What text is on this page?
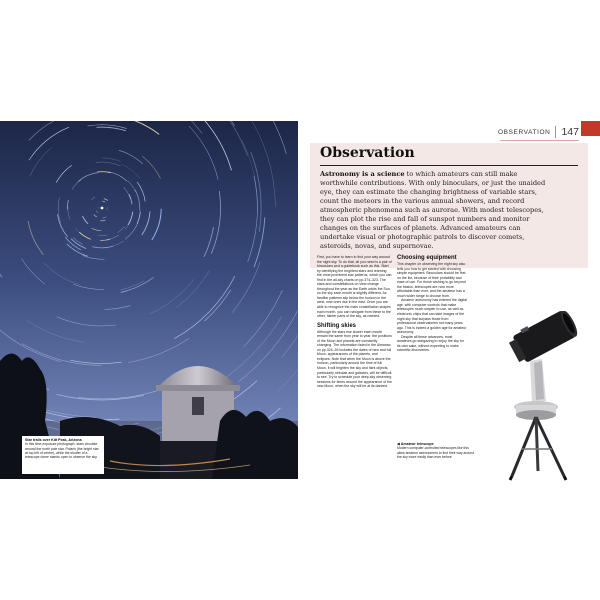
Star trails over Kitt Peak, Arizona
In this time-exposure photograph, stars circulate around the north pole star. Polaris (the bright star at top left of centre), while the shutter of a telescope dome stands open to observe the sky.
OBSERVATION	147
Observation

Astronomy is a science to which amateurs can still make worthwhile contributions. With only binoculars, or just the unaided eye, they can estimate the changing brightness of variable stars, count the meteors in the various annual showers, and record atmospheric phenomena such as aurorae. With modest telescopes, they can plot the rise and fall of sunspot numbers and monitor changes on the surfaces of planets. Advanced amateurs can undertake visual or photographic patrols to discover comets, asteroids, novas, and supernovae.

First, you have to learn to find your way around the night sky. To do that, all you need is a pair of binoculars and a guidebook such as this. Start by identifying the brightest stars and learning the most prominent star patterns, which you can find in the all-sky charts on pp.374–323. The stars and constellations on view change throughout the year as the Earth orbits the Sun, so the sky each month is slightly different. As familiar patterns slip below the horizon in the west, new ones rise in the east. Once you are able to recognize the main constellation shapes each month, you can navigate from these to the other, fainter parts of the sky, as needed.

Shifting skies

Although the stars rise slower each month remain the same from year to year, the positions of the Moon and planets are constantly changing. The information listed in the Almanac on pp.324–39 includes the dates of new and full Moon, appearances of the planets, and eclipses. Note that when the Moon is above the horizon, particularly around the time of full Moon, it will brighten the sky and faint objects, particularly nebulae and galaxies, will be difficult to see. Try to schedule your deep-sky observing sessions for times around the appearance of the new Moon, when the sky will be at its darkest.

Choosing equipment

This chapter on observing the night sky also tells you how to get started with choosing simple equipment. Binoculars should be first on the list, because of their portability and ease of use. For those wishing to go beyond the basics, telescopes are now more affordable than ever, and the amateur has a much wider range to choose from.

Amateur astronomy has entered the digital age, with computer controls that make telescopes much simpler to use, as well as electronic chips that can take images of the night sky that surpass those from professional observatories not many years ago. This is indeed a golden age for amateur astronomy.

Despite all these advances, most amateurs go stargazing to enjoy the sky for its own sake, without expecting to make scientific discoveries.

◀ Amateur telescope
Modern computer-controlled telescopes like this allow amateur astronomers to find their way around the sky more easily than ever before.
